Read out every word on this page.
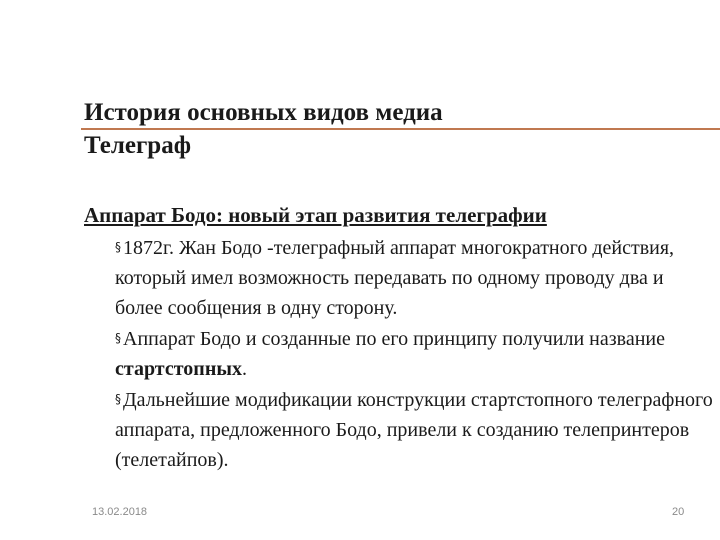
История основных видов медиа
Телеграф
Аппарат Бодо: новый этап развития телеграфии
§ 1872г. Жан Бодо -телеграфный аппарат многократного действия, который имел возможность передавать по одному проводу два и более сообщения в одну сторону.
§ Аппарат Бодо и созданные по его принципу получили название стартстопных.
§ Дальнейшие модификации конструкции стартстопного телеграфного аппарата, предложенного Бодо, привели к созданию телепринтеров (телетайпов).
13.02.2018	20
